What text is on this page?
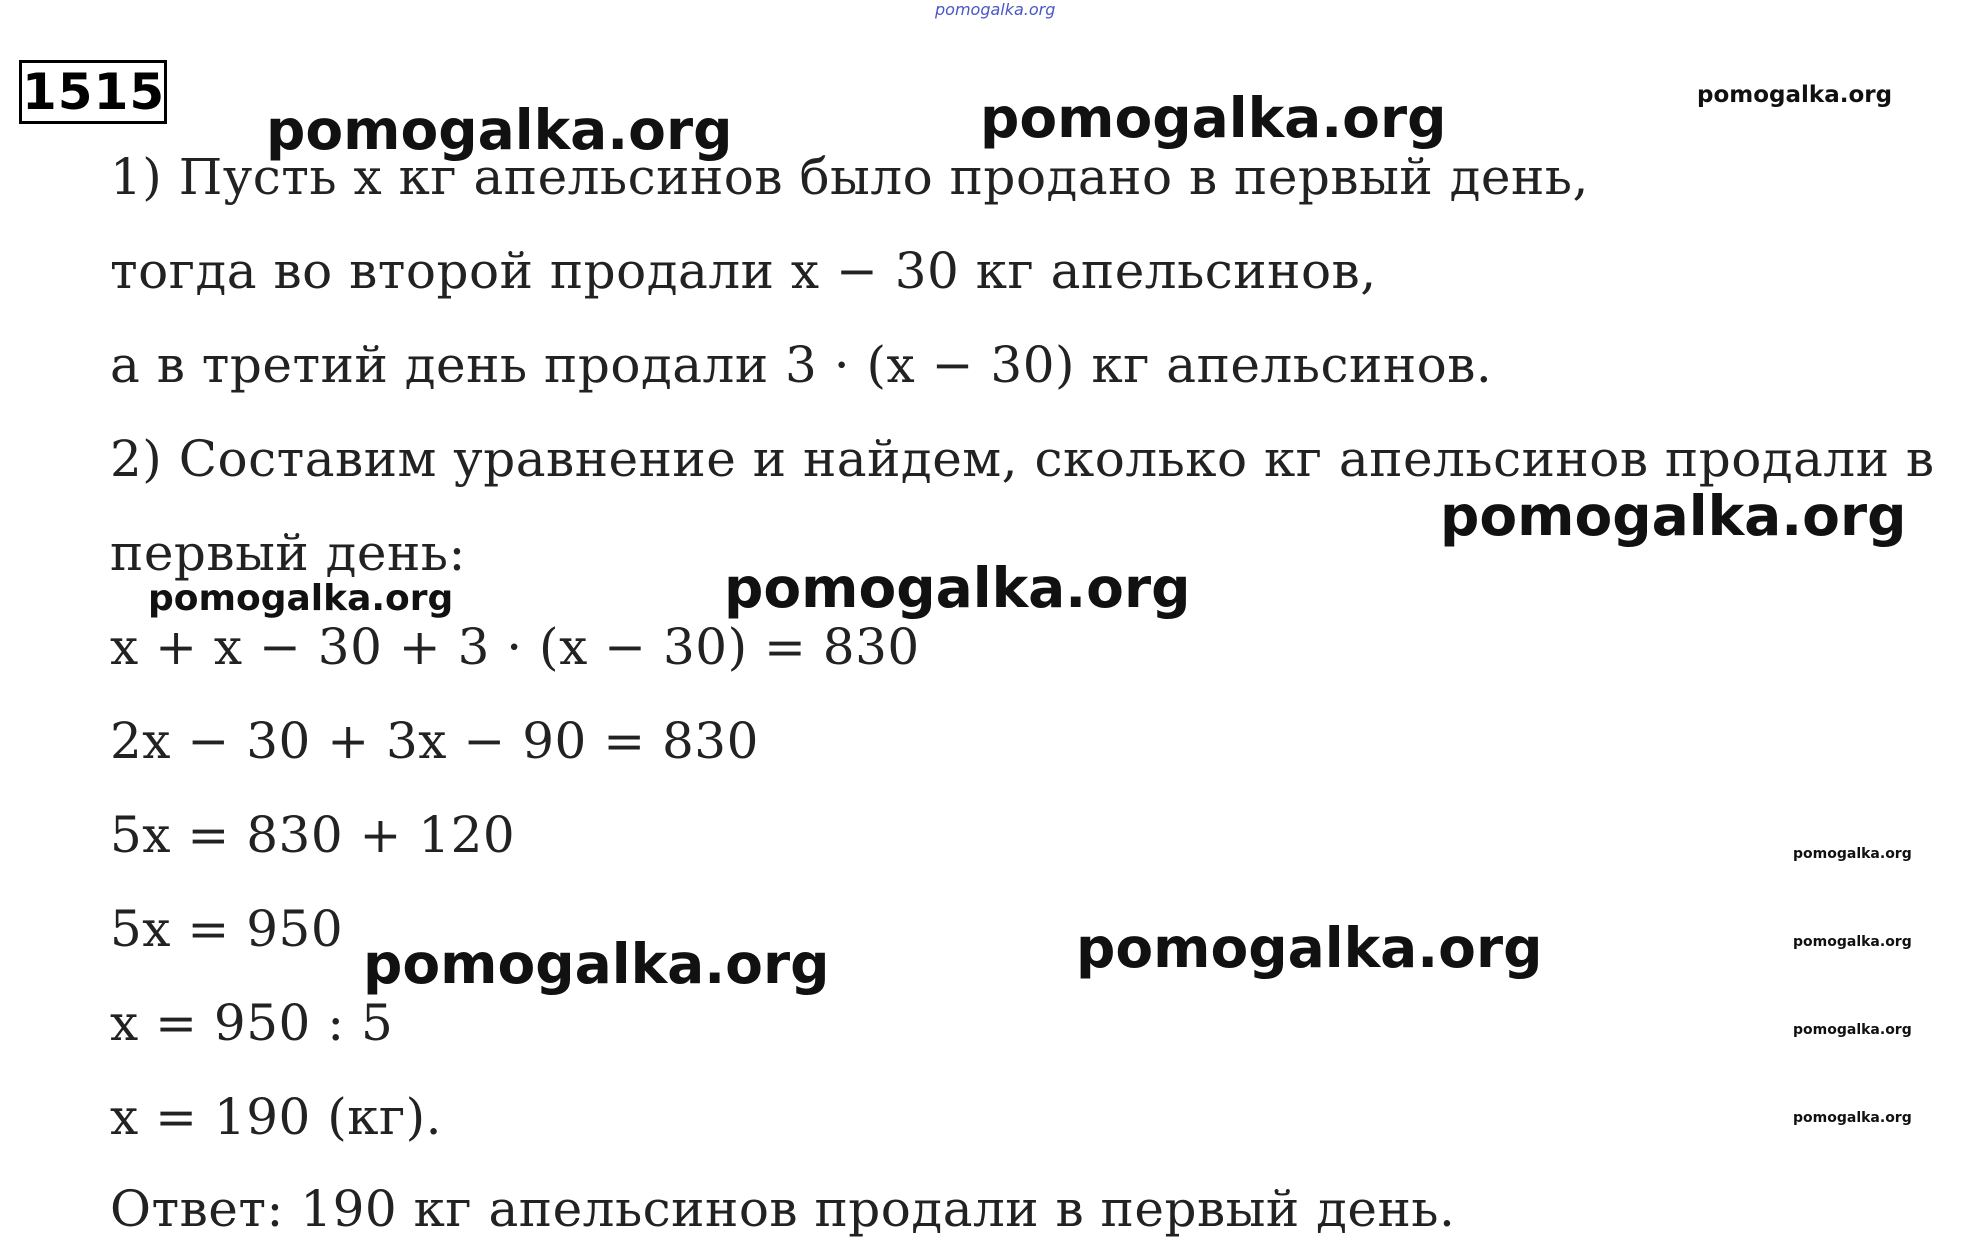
pomogalka.org
1515
pomogalka.org	pomogalka.org	pomogalka.org
1) Пусть x кг апельсинов было продано в первый день,
тогда во второй продали x − 30 кг апельсинов,
а в третий день продали 3 · (x − 30) кг апельсинов.
2) Составим уравнение и найдем, сколько кг апельсинов продали в
pomogalka.org
первый день:
pomogalka.org	pomogalka.org
x + x − 30 + 3 · (x − 30) = 830
2x − 30 + 3x − 90 = 830
5x = 830 + 120	pomogalka.org
5x = 950
pomogalka.org	pomogalka.org	pomogalka.org
x = 950 : 5	pomogalka.org
x = 190 (кг).	pomogalka.org
Ответ: 190 кг апельсинов продали в первый день.
